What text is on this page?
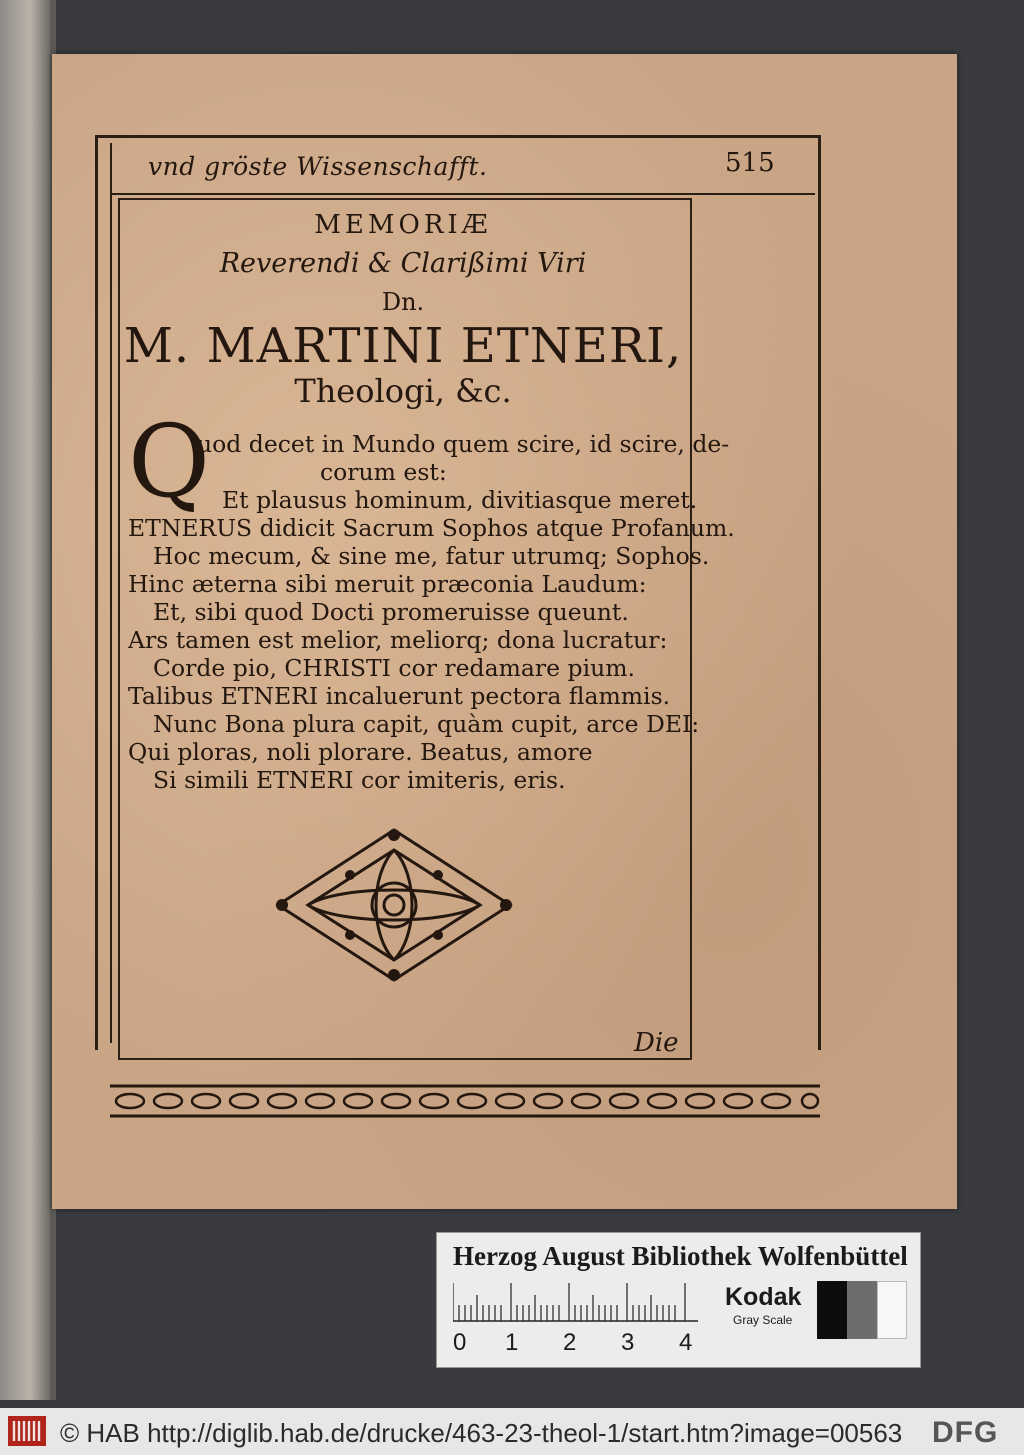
vnd gröste Wissenschafft.	515
MEMORIÆ
Reverendi & Clarißimi Viri
Dn.
M. MARTINI ETNERI,
Theologi, &c.
Q
uod decet in Mundo quem scire, id scire, de-
corum est:
Et plausus hominum, divitiasque meret.
ETNERUS didicit Sacrum Sophos atque Profanum.
Hoc mecum, & sine me, fatur utrumq; Sophos.
Hinc æterna sibi meruit præconia Laudum:
Et, sibi quod Docti promeruisse queunt.
Ars tamen est melior, meliorq; dona lucratur:
Corde pio, CHRISTI cor redamare pium.
Talibus ETNERI incaluerunt pectora flammis.
Nunc Bona plura capit, quàm cupit, arce DEI:
Qui ploras, noli plorare. Beatus, amore
Si simili ETNERI cor imiteris, eris.
Die
Herzog August Bibliothek Wolfenbüttel
0 1 2 3 4
Kodak
Gray Scale
© HAB http://diglib.hab.de/drucke/463-23-theol-1/start.htm?image=00563 DFG
